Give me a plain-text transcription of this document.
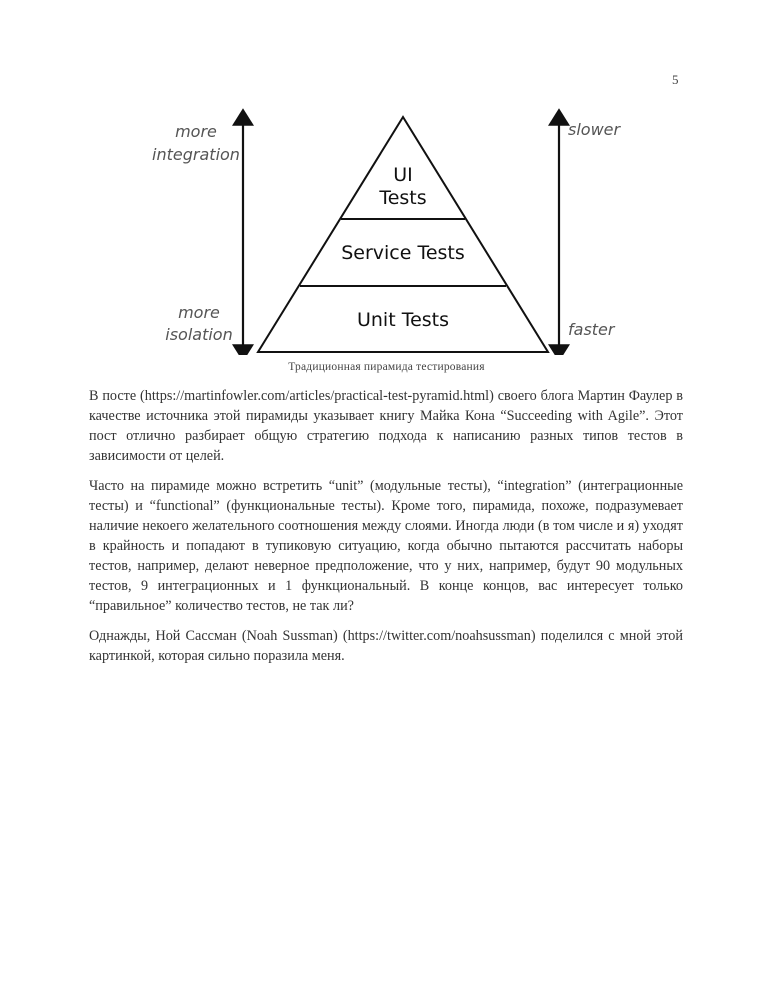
5
more
integration
more
isolation
slower
faster
UI
Tests
Service Tests
Unit Tests
Традиционная пирамида тестирования

В посте (https://martinfowler.com/articles/practical-test-pyramid.html) своего блога Мартин Фаулер в качестве источника этой пирамиды указывает книгу Майка Кона “Succeeding with Agile”. Этот пост отлично разбирает общую стратегию подхода к написанию разных типов тестов в зависимости от целей.

Часто на пирамиде можно встретить “unit” (модульные тесты), “integration” (интеграционные тесты) и “functional” (функциональные тесты). Кроме того, пирамида, похоже, подразумевает наличие некоего желательного соотношения между слоями. Иногда люди (в том числе и я) уходят в крайность и попадают в тупиковую ситуацию, когда обычно пытаются рассчитать наборы тестов, например, делают неверное предположение, что у них, например, будут 90 модульных тестов, 9 интеграционных и 1 функциональный. В конце концов, вас интересует только “правильное” количество тестов, не так ли?

Однажды, Ной Сассман (Noah Sussman) (https://twitter.com/noahsussman) поделился с мной этой картинкой, которая сильно поразила меня.
